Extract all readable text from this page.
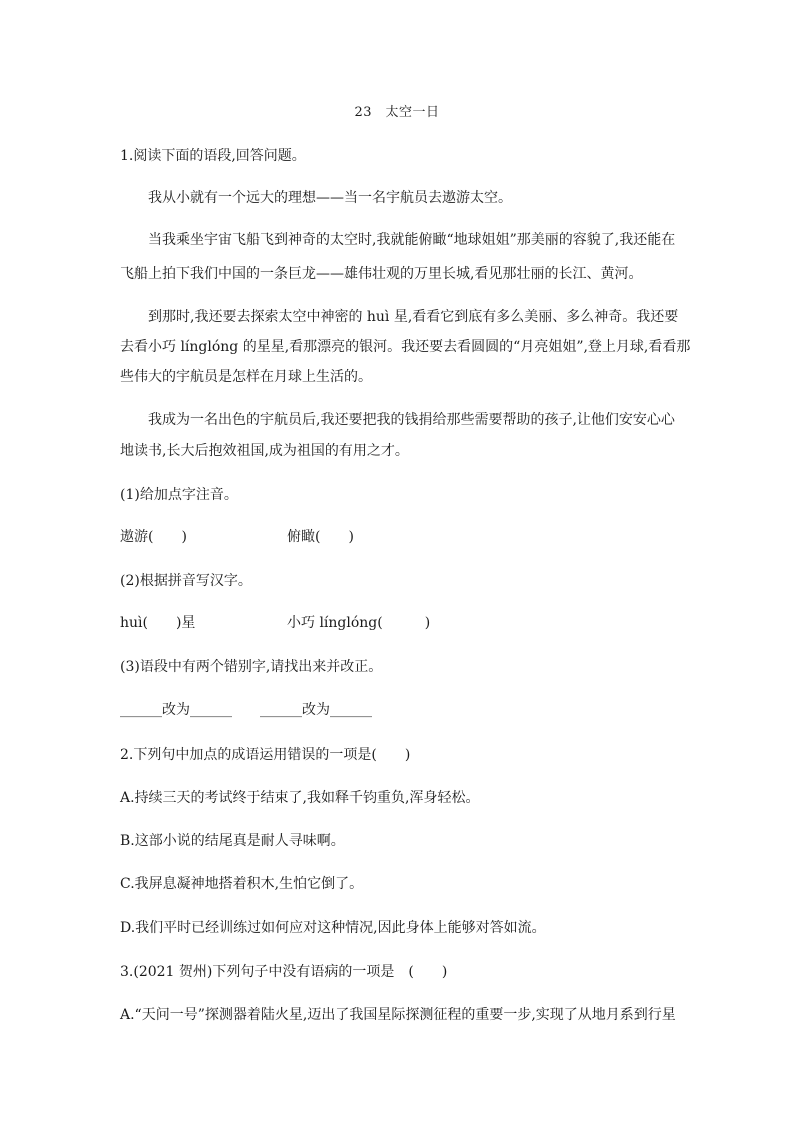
23　太空一日
1.阅读下面的语段,回答问题。
我从小就有一个远大的理想——当一名宇航员去遨游太空。
当我乘坐宇宙飞船飞到神奇的太空时,我就能俯瞰“地球姐姐”那美丽的容貌了,我还能在
飞船上拍下我们中国的一条巨龙——雄伟壮观的万里长城,看见那壮丽的长江、黄河。
到那时,我还要去探索太空中神密的 huì 星,看看它到底有多么美丽、多么神奇。我还要
去看小巧 línglóng 的星星,看那漂亮的银河。我还要去看圆圆的“月亮姐姐”,登上月球,看看那
些伟大的宇航员是怎样在月球上生活的。
我成为一名出色的宇航员后,我还要把我的钱捐给那些需要帮助的孩子,让他们安安心心
地读书,长大后抱效祖国,成为祖国的有用之才。
(1)给加点字注音。
遨游(　　)	俯瞰(　　)
(2)根据拼音写汉字。
huì(　　)星	小巧 línglóng(　　　)
(3)语段中有两个错别字,请找出来并改正。
______改为______ ______改为______
2.下列句中加点的成语运用错误的一项是(　　)
A.持续三天的考试终于结束了,我如释千钧重负,浑身轻松。
B.这部小说的结尾真是耐人寻味啊。
C.我屏息凝神地搭着积木,生怕它倒了。
D.我们平时已经训练过如何应对这种情况,因此身体上能够对答如流。
3.(2021 贺州)下列句子中没有语病的一项是　(　　)
A.“天问一号”探测器着陆火星,迈出了我国星际探测征程的重要一步,实现了从地月系到行星
